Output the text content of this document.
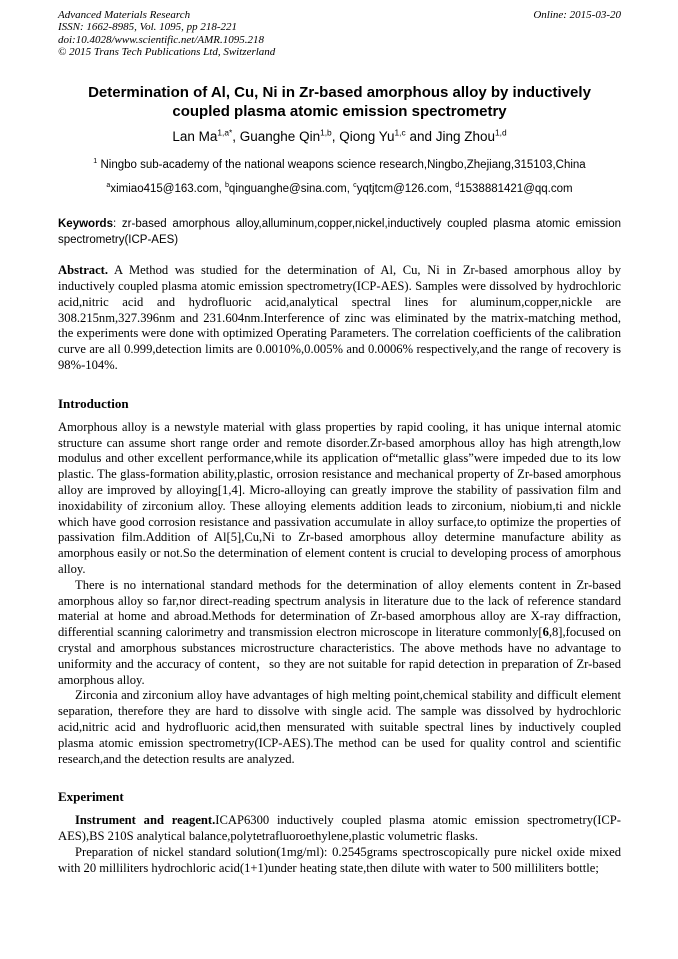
Advanced Materials Research
ISSN: 1662-8985, Vol. 1095, pp 218-221
doi:10.4028/www.scientific.net/AMR.1095.218
© 2015 Trans Tech Publications Ltd, Switzerland
Online: 2015-03-20
Determination of Al, Cu, Ni in Zr-based amorphous alloy by inductively coupled plasma atomic emission spectrometry
Lan $Ma^{1,a*}$, Guanghe Qin$^{1,b}$, Qiong Yu$^{1,c}$ and Jing Zhou$^{1,d}$
$^1$ Ningbo sub-academy of the national weapons science research,Ningbo,Zhejiang,315103,China
$^a$ximiao415@163.com, $^b$qinguanghe@sina.com, $^c$yqtjtcm@126.com, $^d$1538881421@qq.com
Keywords: zr-based amorphous alloy,alluminum,copper,nickel,inductively coupled plasma atomic emission spectrometry(ICP-AES)
Abstract. A Method was studied for the determination of Al, Cu, Ni in Zr-based amorphous alloy by inductively coupled plasma atomic emission spectrometry(ICP-AES). Samples were dissolved by hydrochloric acid,nitric acid and hydrofluoric acid,analytical spectral lines for aluminum,copper,nickle are 308.215nm,327.396nm and 231.604nm.Interference of zinc was eliminated by the matrix-matching method, the experiments were done with optimized Operating Parameters. The correlation coefficients of the calibration curve are all 0.999,detection limits are 0.0010%,0.005% and 0.0006% respectively,and the range of recovery is 98%-104%.
Introduction

Amorphous alloy is a newstyle material with glass properties by rapid cooling, it has unique internal atomic structure can assume short range order and remote disorder.Zr-based amorphous alloy has high atrength,low modulus and other excellent performance,while its application of“metallic glass”were impeded due to its low plastic. The glass-formation ability,plastic, orrosion resistance and mechanical property of Zr-based amorphous alloy are improved by alloying[1,4]. Micro-alloying can greatly improve the stability of passivation film and inoxidability of zirconium alloy. These alloying elements addition leads to zirconium, niobium,ti and nickle which have good corrosion resistance and passivation accumulate in alloy surface,to optimize the properties of passivation film.Addition of Al[5],Cu,Ni to Zr-based amorphous alloy determine manufacture ability as amorphous easily or not.So the determination of element content is crucial to developing process of amorphous alloy.

There is no international standard methods for the determination of alloy elements content in Zr-based amorphous alloy so far,nor direct-reading spectrum analysis in literature due to the lack of reference standard material at home and abroad.Methods for determination of Zr-based amorphous alloy are X-ray diffraction, differential scanning calorimetry and transmission electron microscope in literature commonly[6,8],focused on crystal and amorphous substances microstructure characteristics. The above methods have no advantage to uniformity and the accuracy of content，so they are not suitable for rapid detection in preparation of Zr-based amorphous alloy.

Zirconia and zirconium alloy have advantages of high melting point,chemical stability and difficult element separation, therefore they are hard to dissolve with single acid. The sample was dissolved by hydrochloric acid,nitric acid and hydrofluoric acid,then mensurated with suitable spectral lines by inductively coupled plasma atomic emission spectrometry(ICP-AES).The method can be used for quality control and scientific research,and the detection results are analyzed.

Experiment

Instrument and reagent.ICAP6300 inductively coupled plasma atomic emission spectrometry(ICP-AES),BS 210S analytical balance,polytetrafluoroethylene,plastic volumetric flasks.

Preparation of nickel standard solution(1mg/ml): 0.2545grams spectroscopically pure nickel oxide mixed with 20 milliliters hydrochloric acid(1+1)under heating state,then dilute with water to 500 milliliters bottle;
